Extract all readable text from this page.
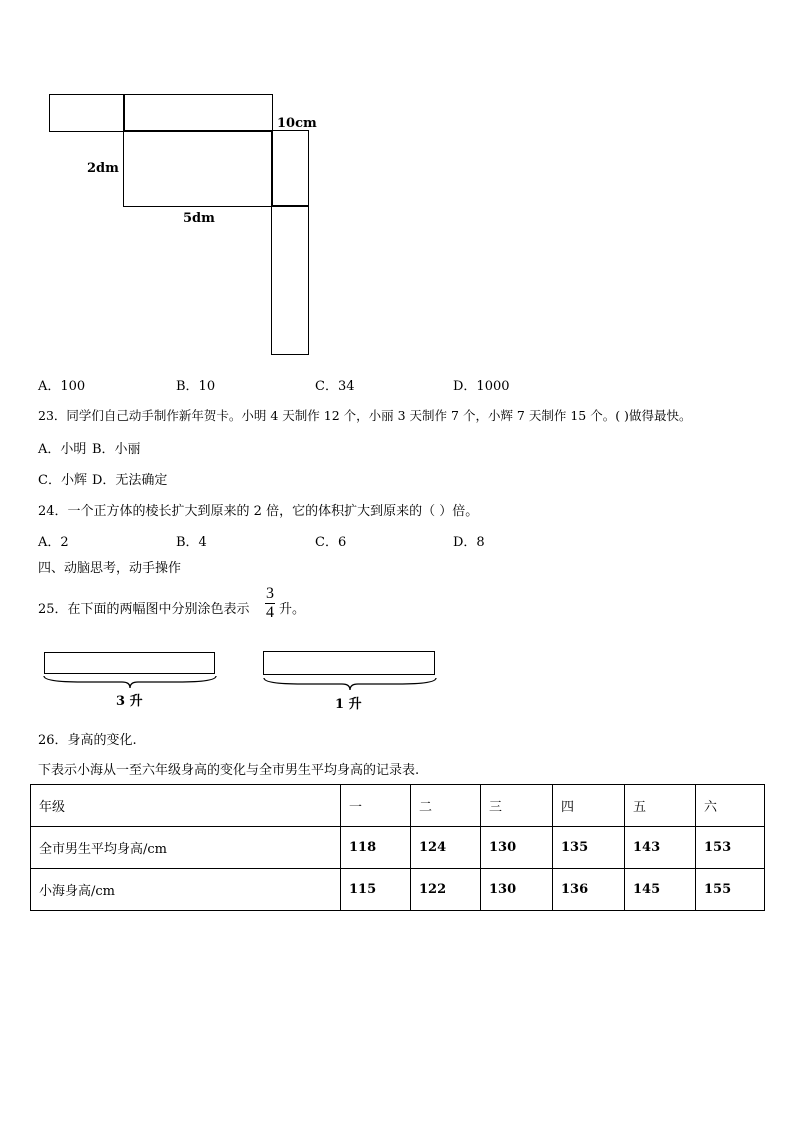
10cm
2dm
5dm
A．100	B．10	C．34	D．1000
23．同学们自己动手制作新年贺卡。小明 4 天制作 12 个，小丽 3 天制作 7 个，小辉 7 天制作 15 个。( )做得最快。
A．小明 B．小丽
C．小辉 D．无法确定
24．一个正方体的棱长扩大到原来的 2 倍，它的体积扩大到原来的（ ）倍。
A．2	B．4	C．6	D．8
四、动脑思考，动手操作
25．在下面的两幅图中分别涂色表示
3
4 升。
3 升	1 升
26．身高的变化.
下表示小海从一至六年级身高的变化与全市男生平均身高的记录表.
年级	一	二	三	四	五	六
全市男生平均身高/cm	118	124	130	135	143	153
小海身高/cm	115	122	130	136	145	155
